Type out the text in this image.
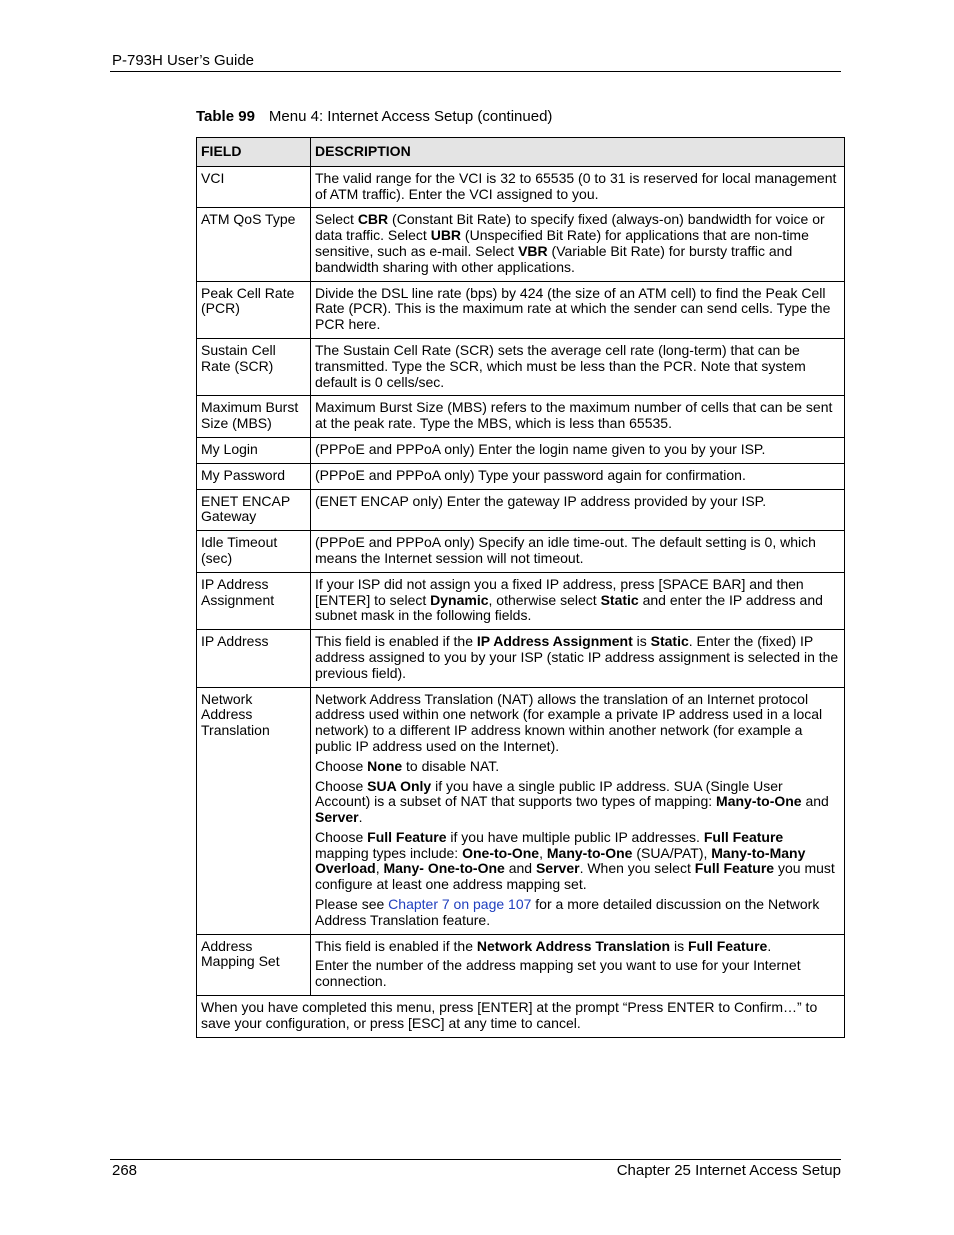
P-793H User’s Guide
Table 99 Menu 4: Internet Access Setup (continued)
FIELD	DESCRIPTION
VCI	The valid range for the VCI is 32 to 65535 (0 to 31 is reserved for local management of ATM traffic). Enter the VCI assigned to you.

ATM QoS Type	Select CBR (Constant Bit Rate) to specify fixed (always-on) bandwidth for voice or data traffic. Select UBR (Unspecified Bit Rate) for applications that are non-time sensitive, such as e-mail. Select VBR (Variable Bit Rate) for bursty traffic and bandwidth sharing with other applications.

Peak Cell Rate (PCR)	Divide the DSL line rate (bps) by 424 (the size of an ATM cell) to find the Peak Cell Rate (PCR). This is the maximum rate at which the sender can send cells. Type the PCR here.

Sustain Cell Rate (SCR)	The Sustain Cell Rate (SCR) sets the average cell rate (long-term) that can be transmitted. Type the SCR, which must be less than the PCR. Note that system default is 0 cells/sec.

Maximum Burst Size (MBS)	Maximum Burst Size (MBS) refers to the maximum number of cells that can be sent at the peak rate. Type the MBS, which is less than 65535.

My Login	(PPPoE and PPPoA only) Enter the login name given to you by your ISP.

My Password	(PPPoE and PPPoA only) Type your password again for confirmation.

ENET ENCAP Gateway	(ENET ENCAP only) Enter the gateway IP address provided by your ISP.

Idle Timeout (sec)	(PPPoE and PPPoA only) Specify an idle time-out. The default setting is 0, which means the Internet session will not timeout.

IP Address Assignment	If your ISP did not assign you a fixed IP address, press [SPACE BAR] and then [ENTER] to select Dynamic, otherwise select Static and enter the IP address and subnet mask in the following fields.

IP Address	This field is enabled if the IP Address Assignment is Static. Enter the (fixed) IP address assigned to you by your ISP (static IP address assignment is selected in the previous field).

Network Address Translation	Network Address Translation (NAT) allows the translation of an Internet protocol address used within one network (for example a private IP address used in a local network) to a different IP address known within another network (for example a public IP address used on the Internet).
Choose None to disable NAT.
Choose SUA Only if you have a single public IP address. SUA (Single User Account) is a subset of NAT that supports two types of mapping: Many-to-One and Server.
Choose Full Feature if you have multiple public IP addresses. Full Feature mapping types include: One-to-One, Many-to-One (SUA/PAT), Many-to-Many Overload, Many- One-to-One and Server. When you select Full Feature you must configure at least one address mapping set.
Please see Chapter 7 on page 107 for a more detailed discussion on the Network Address Translation feature.

Address Mapping Set	This field is enabled if the Network Address Translation is Full Feature.
Enter the number of the address mapping set you want to use for your Internet connection.

When you have completed this menu, press [ENTER] at the prompt “Press ENTER to Confirm…” to save your configuration, or press [ESC] at any time to cancel.	
268	Chapter 25 Internet Access Setup
